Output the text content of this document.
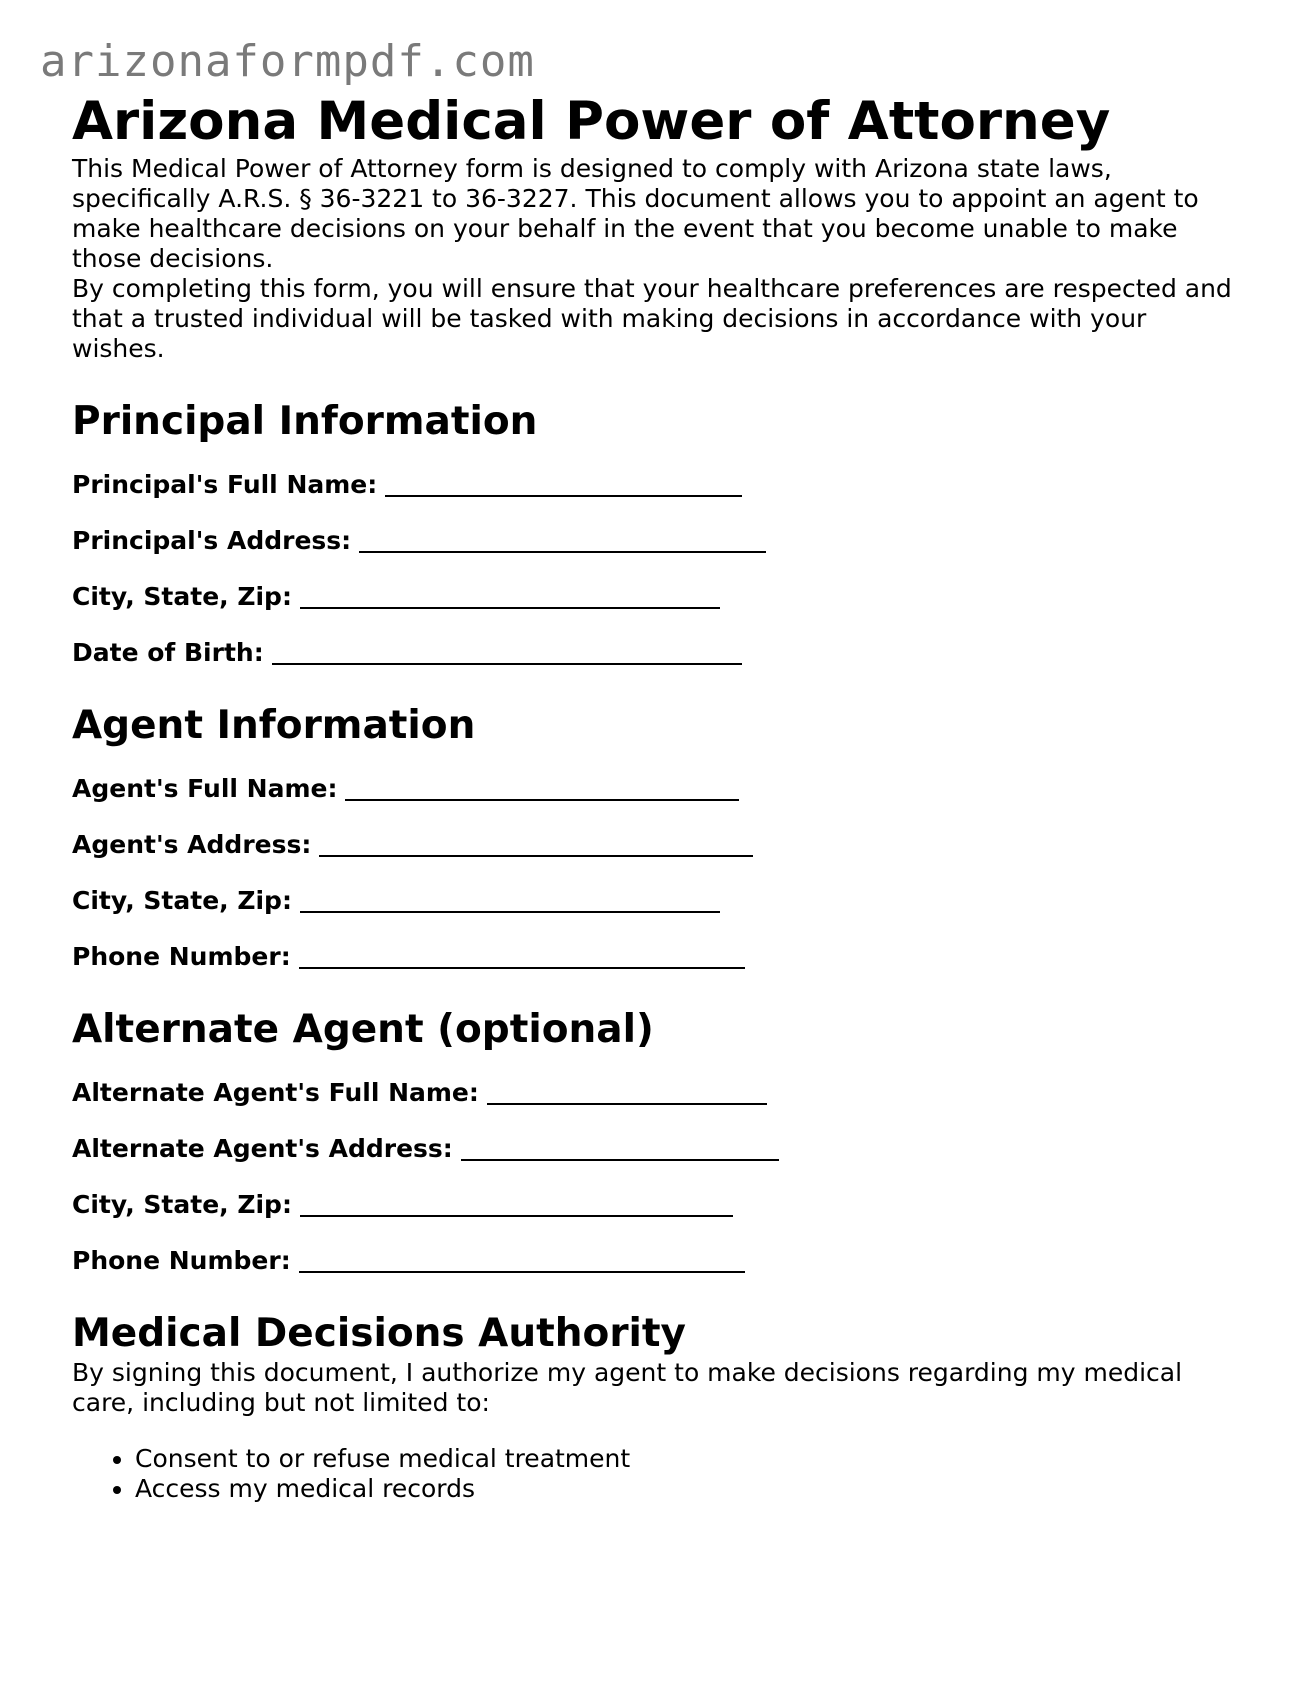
arizonaformpdf.com
Arizona Medical Power of Attorney

This Medical Power of Attorney form is designed to comply with Arizona state laws, specifically A.R.S. § 36-3221 to 36-3227. This document allows you to appoint an agent to make healthcare decisions on your behalf in the event that you become unable to make those decisions.

By completing this form, you will ensure that your healthcare preferences are respected and that a trusted individual will be tasked with making decisions in accordance with your wishes.

Principal Information
Principal's Full Name:
Principal's Address:
City, State, Zip:
Date of Birth:
Agent Information
Agent's Full Name:
Agent's Address:
City, State, Zip:
Phone Number:
Alternate Agent (optional)
Alternate Agent's Full Name:
Alternate Agent's Address:
City, State, Zip:
Phone Number:
Medical Decisions Authority

By signing this document, I authorize my agent to make decisions regarding my medical care, including but not limited to:

• Consent to or refuse medical treatment
• Access my medical records
